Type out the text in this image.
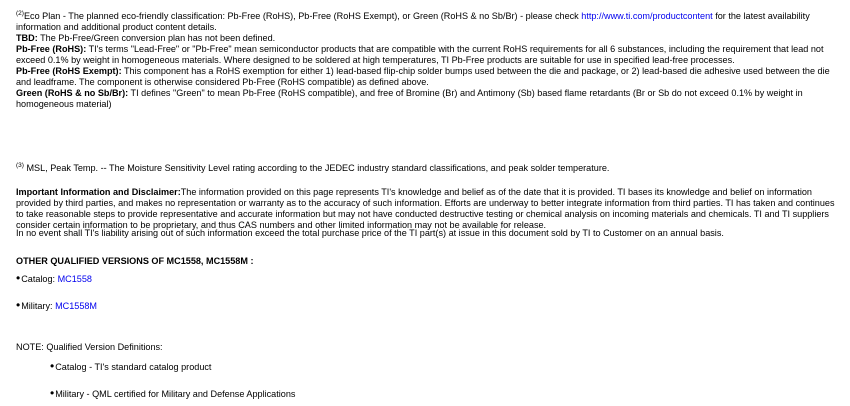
$^{(2)}$Eco Plan - The planned eco-friendly classification: Pb-Free (RoHS), Pb-Free (RoHS Exempt), or Green (RoHS & no Sb/Br) - please check http://www.ti.com/productcontent for the latest availability information and additional product content details.

TBD: The Pb-Free/Green conversion plan has not been defined.

Pb-Free (RoHS): TI's terms "Lead-Free" or "Pb-Free" mean semiconductor products that are compatible with the current RoHS requirements for all 6 substances, including the requirement that lead not exceed 0.1% by weight in homogeneous materials. Where designed to be soldered at high temperatures, TI Pb-Free products are suitable for use in specified lead-free processes.

Pb-Free (RoHS Exempt): This component has a RoHS exemption for either 1) lead-based flip-chip solder bumps used between the die and package, or 2) lead-based die adhesive used between the die and leadframe. The component is otherwise considered Pb-Free (RoHS compatible) as defined above.

Green (RoHS & no Sb/Br): TI defines "Green" to mean Pb-Free (RoHS compatible), and free of Bromine (Br) and Antimony (Sb) based flame retardants (Br or Sb do not exceed 0.1% by weight in homogeneous material)

$^{(3)}$ MSL, Peak Temp. -- The Moisture Sensitivity Level rating according to the JEDEC industry standard classifications, and peak solder temperature.

Important Information and Disclaimer:The information provided on this page represents TI's knowledge and belief as of the date that it is provided. TI bases its knowledge and belief on information provided by third parties, and makes no representation or warranty as to the accuracy of such information. Efforts are underway to better integrate information from third parties. TI has taken and continues to take reasonable steps to provide representative and accurate information but may not have conducted destructive testing or chemical analysis on incoming materials and chemicals. TI and TI suppliers consider certain information to be proprietary, and thus CAS numbers and other limited information may not be available for release.

In no event shall TI's liability arising out of such information exceed the total purchase price of the TI part(s) at issue in this document sold by TI to Customer on an annual basis.

OTHER QUALIFIED VERSIONS OF MC1558, MC1558M :

•Catalog: MC1558
•Military: MC1558M

NOTE: Qualified Version Definitions:

•Catalog - TI's standard catalog product
•Military - QML certified for Military and Defense Applications
